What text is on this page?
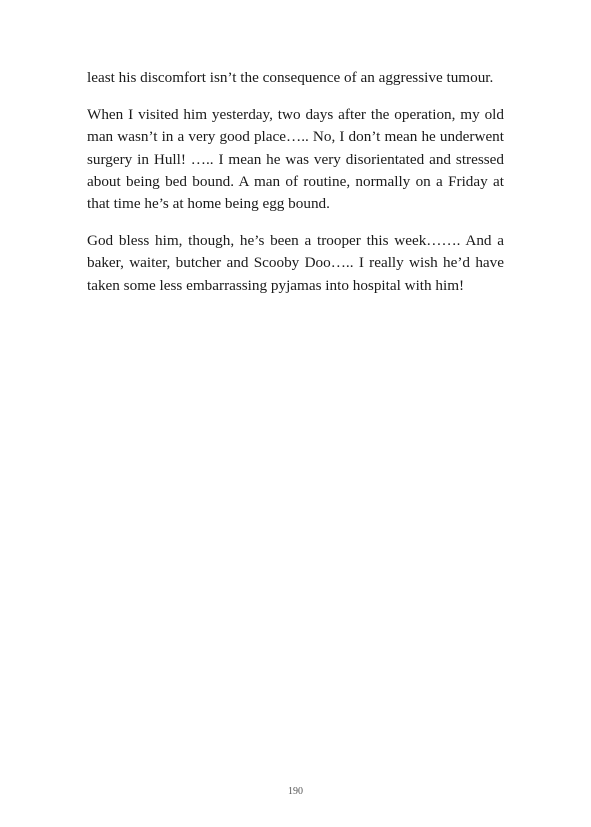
least his discomfort isn’t the consequence of an aggressive tumour.

When I visited him yesterday, two days after the operation, my old man wasn’t in a very good place….. No, I don’t mean he underwent surgery in Hull! ….. I mean he was very disorientated and stressed about being bed bound. A man of routine, normally on a Friday at that time he’s at home being egg bound.

God bless him, though, he’s been a trooper this week……. And a baker, waiter, butcher and Scooby Doo….. I really wish he’d have taken some less embarrassing pyjamas into hospital with him!

190
